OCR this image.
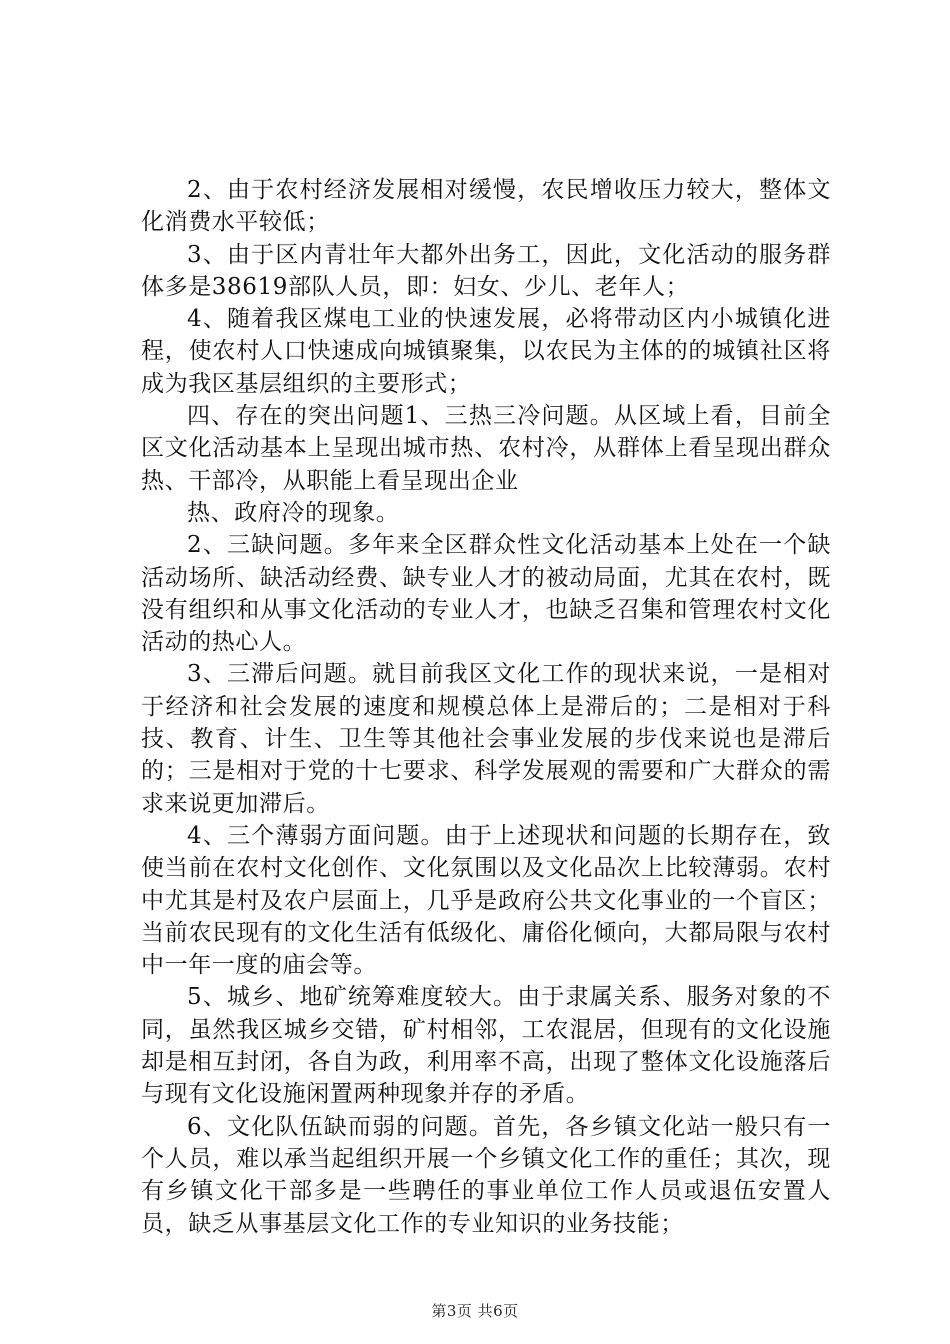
2、由于农村经济发展相对缓慢，农民增收压力较大，整体文化消费水平较低；

3、由于区内青壮年大都外出务工，因此，文化活动的服务群体多是38619部队人员，即：妇女、少儿、老年人；

4、随着我区煤电工业的快速发展，必将带动区内小城镇化进程，使农村人口快速成向城镇聚集，以农民为主体的的城镇社区将成为我区基层组织的主要形式；

四、存在的突出问题1、三热三冷问题。从区域上看，目前全区文化活动基本上呈现出城市热、农村冷，从群体上看呈现出群众热、干部冷，从职能上看呈现出企业

热、政府冷的现象。

2、三缺问题。多年来全区群众性文化活动基本上处在一个缺活动场所、缺活动经费、缺专业人才的被动局面，尤其在农村，既没有组织和从事文化活动的专业人才，也缺乏召集和管理农村文化活动的热心人。

3、三滞后问题。就目前我区文化工作的现状来说，一是相对于经济和社会发展的速度和规模总体上是滞后的；二是相对于科技、教育、计生、卫生等其他社会事业发展的步伐来说也是滞后的；三是相对于党的十七要求、科学发展观的需要和广大群众的需求来说更加滞后。

4、三个薄弱方面问题。由于上述现状和问题的长期存在，致使当前在农村文化创作、文化氛围以及文化品次上比较薄弱。农村中尤其是村及农户层面上，几乎是政府公共文化事业的一个盲区；当前农民现有的文化生活有低级化、庸俗化倾向，大都局限与农村中一年一度的庙会等。

5、城乡、地矿统筹难度较大。由于隶属关系、服务对象的不同，虽然我区城乡交错，矿村相邻，工农混居，但现有的文化设施却是相互封闭，各自为政，利用率不高，出现了整体文化设施落后与现有文化设施闲置两种现象并存的矛盾。

6、文化队伍缺而弱的问题。首先，各乡镇文化站一般只有一个人员，难以承当起组织开展一个乡镇文化工作的重任；其次，现有乡镇文化干部多是一些聘任的事业单位工作人员或退伍安置人员，缺乏从事基层文化工作的专业知识的业务技能；

第3页 共6页
